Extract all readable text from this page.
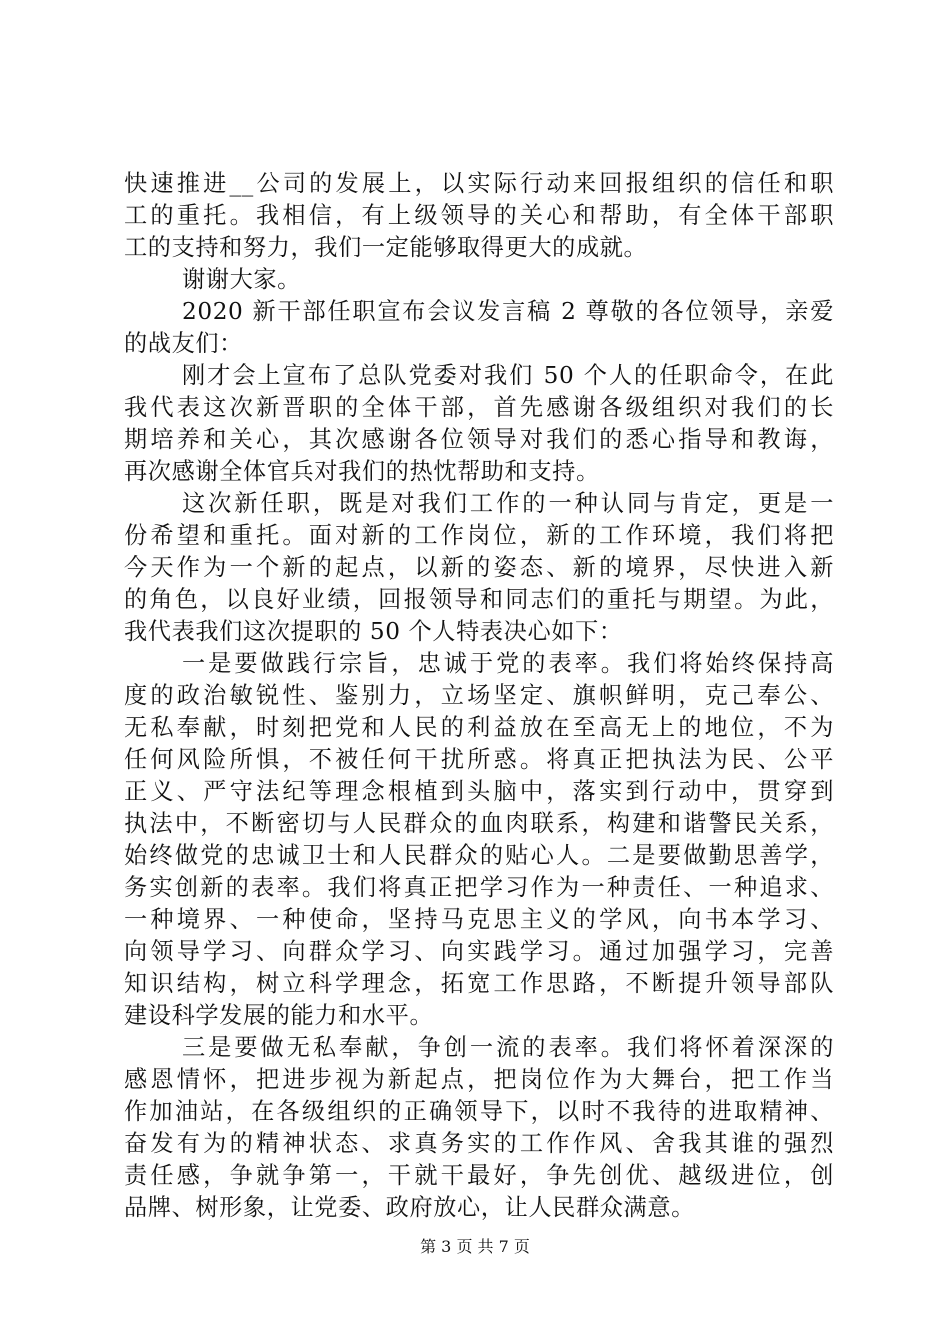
快速推进__公司的发展上，以实际行动来回报组织的信任和职
工的重托。我相信，有上级领导的关心和帮助，有全体干部职
工的支持和努力，我们一定能够取得更大的成就。
谢谢大家。
2020 新干部任职宣布会议发言稿 2 尊敬的各位领导，亲爱
的战友们：
刚才会上宣布了总队党委对我们 50 个人的任职命令，在此
我代表这次新晋职的全体干部，首先感谢各级组织对我们的长
期培养和关心，其次感谢各位领导对我们的悉心指导和教诲，
再次感谢全体官兵对我们的热忱帮助和支持。
这次新任职，既是对我们工作的一种认同与肯定，更是一
份希望和重托。面对新的工作岗位，新的工作环境，我们将把
今天作为一个新的起点，以新的姿态、新的境界，尽快进入新
的角色，以良好业绩，回报领导和同志们的重托与期望。为此，
我代表我们这次提职的 50 个人特表决心如下：
一是要做践行宗旨，忠诚于党的表率。我们将始终保持高
度的政治敏锐性、鉴别力，立场坚定、旗帜鲜明，克己奉公、
无私奉献，时刻把党和人民的利益放在至高无上的地位，不为
任何风险所惧，不被任何干扰所惑。将真正把执法为民、公平
正义、严守法纪等理念根植到头脑中，落实到行动中，贯穿到
执法中，不断密切与人民群众的血肉联系，构建和谐警民关系，
始终做党的忠诚卫士和人民群众的贴心人。二是要做勤思善学，
务实创新的表率。我们将真正把学习作为一种责任、一种追求、
一种境界、一种使命，坚持马克思主义的学风，向书本学习、
向领导学习、向群众学习、向实践学习。通过加强学习，完善
知识结构，树立科学理念，拓宽工作思路，不断提升领导部队
建设科学发展的能力和水平。
三是要做无私奉献，争创一流的表率。我们将怀着深深的
感恩情怀，把进步视为新起点，把岗位作为大舞台，把工作当
作加油站，在各级组织的正确领导下，以时不我待的进取精神、
奋发有为的精神状态、求真务实的工作作风、舍我其谁的强烈
责任感，争就争第一，干就干最好，争先创优、越级进位，创
品牌、树形象，让党委、政府放心，让人民群众满意。
第 3 页 共 7 页
